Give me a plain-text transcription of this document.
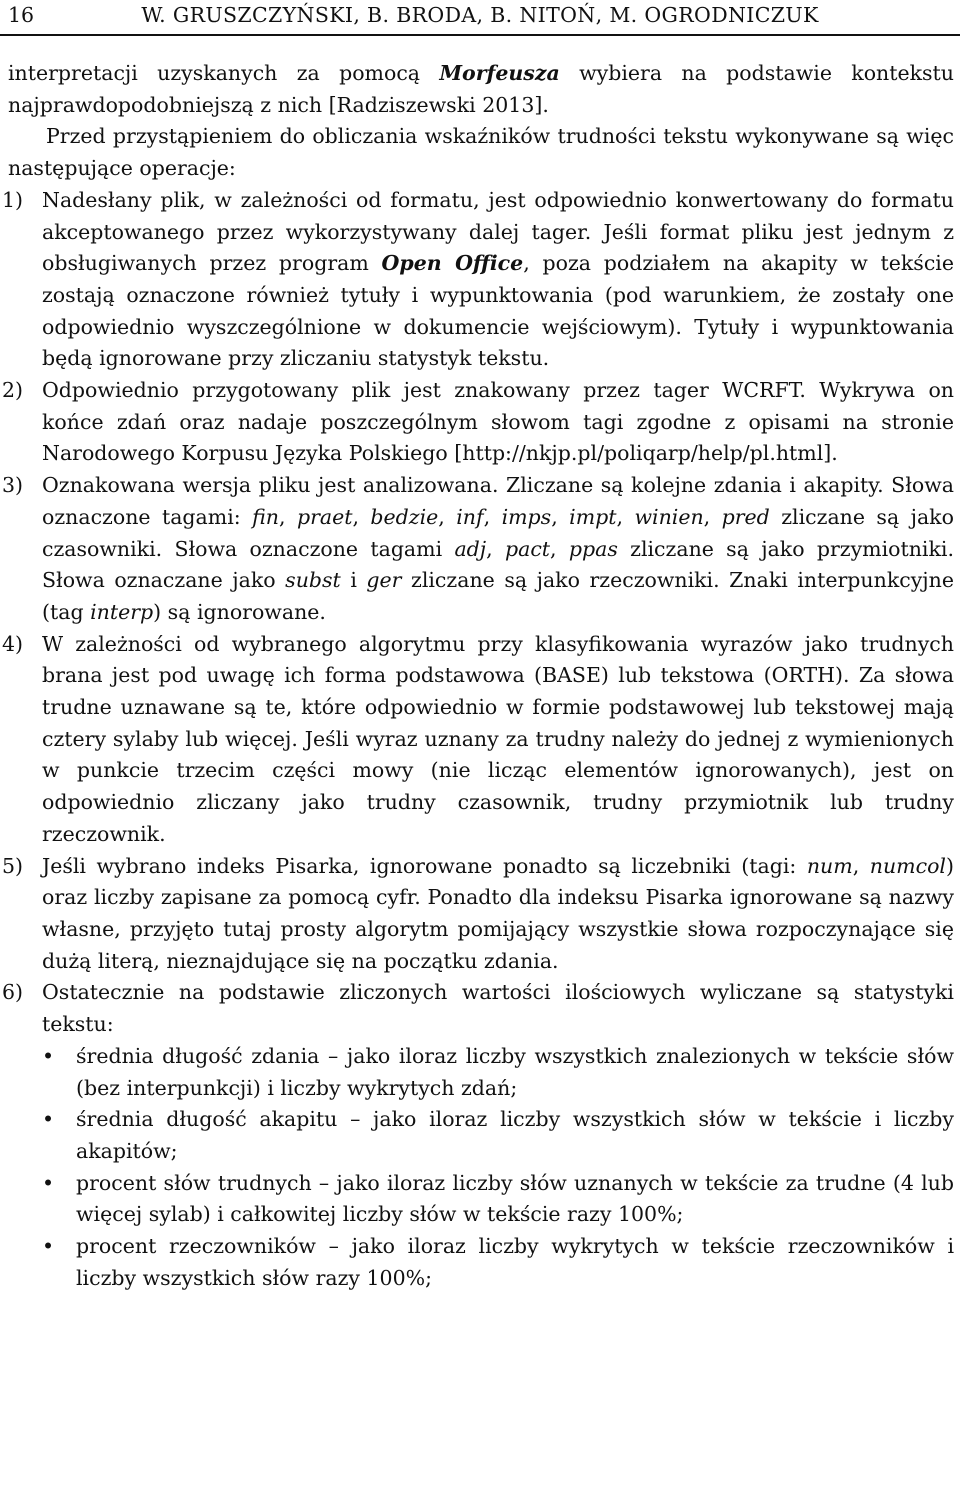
16	W. GRUSZCZYŃSKI, B. BRODA, B. NITOŃ, M. OGRODNICZUK

interpretacji uzyskanych za pomocą Morfeusza wybiera na podstawie kontekstu najprawdopodobniejszą z nich [Radziszewski 2013].

Przed przystąpieniem do obliczania wskaźników trudności tekstu wykonywane są więc następujące operacje:

1) Nadesłany plik, w zależności od formatu, jest odpowiednio konwertowany do formatu akceptowanego przez wykorzystywany dalej tager. Jeśli format pliku jest jednym z obsługiwanych przez program Open Office, poza podziałem na akapity w tekście zostają oznaczone również tytuły i wypunktowania (pod warunkiem, że zostały one odpowiednio wyszczególnione w dokumencie wejściowym). Tytuły i wypunktowania będą ignorowane przy zliczaniu statystyk tekstu.
2) Odpowiednio przygotowany plik jest znakowany przez tager WCRFT. Wykrywa on końce zdań oraz nadaje poszczególnym słowom tagi zgodne z opisami na stronie Narodowego Korpusu Języka Polskiego [http://nkjp.pl/poliqarp/help/pl.html].
3) Oznakowana wersja pliku jest analizowana. Zliczane są kolejne zdania i akapity. Słowa oznaczone tagami: fin, praet, bedzie, inf, imps, impt, winien, pred zliczane są jako czasowniki. Słowa oznaczone tagami adj, pact, ppas zliczane są jako przymiotniki. Słowa oznaczane jako subst i ger zliczane są jako rzeczowniki. Znaki interpunkcyjne (tag interp) są ignorowane.
4) W zależności od wybranego algorytmu przy klasyfikowania wyrazów jako trudnych brana jest pod uwagę ich forma podstawowa (BASE) lub tekstowa (ORTH). Za słowa trudne uznawane są te, które odpowiednio w formie podstawowej lub tekstowej mają cztery sylaby lub więcej. Jeśli wyraz uznany za trudny należy do jednej z wymienionych w punkcie trzecim części mowy (nie licząc elementów ignorowanych), jest on odpowiednio zliczany jako trudny czasownik, trudny przymiotnik lub trudny rzeczownik.
5) Jeśli wybrano indeks Pisarka, ignorowane ponadto są liczebniki (tagi: num, numcol) oraz liczby zapisane za pomocą cyfr. Ponadto dla indeksu Pisarka ignorowane są nazwy własne, przyjęto tutaj prosty algorytm pomijający wszystkie słowa rozpoczynające się dużą literą, nieznajdujące się na początku zdania.
6) Ostatecznie na podstawie zliczonych wartości ilościowych wyliczane są statystyki tekstu:
• średnia długość zdania – jako iloraz liczby wszystkich znalezionych w tekście słów (bez interpunkcji) i liczby wykrytych zdań;
• średnia długość akapitu – jako iloraz liczby wszystkich słów w tekście i liczby akapitów;
• procent słów trudnych – jako iloraz liczby słów uznanych w tekście za trudne (4 lub więcej sylab) i całkowitej liczby słów w tekście razy 100%;
• procent rzeczowników – jako iloraz liczby wykrytych w tekście rzeczowników i liczby wszystkich słów razy 100%;
